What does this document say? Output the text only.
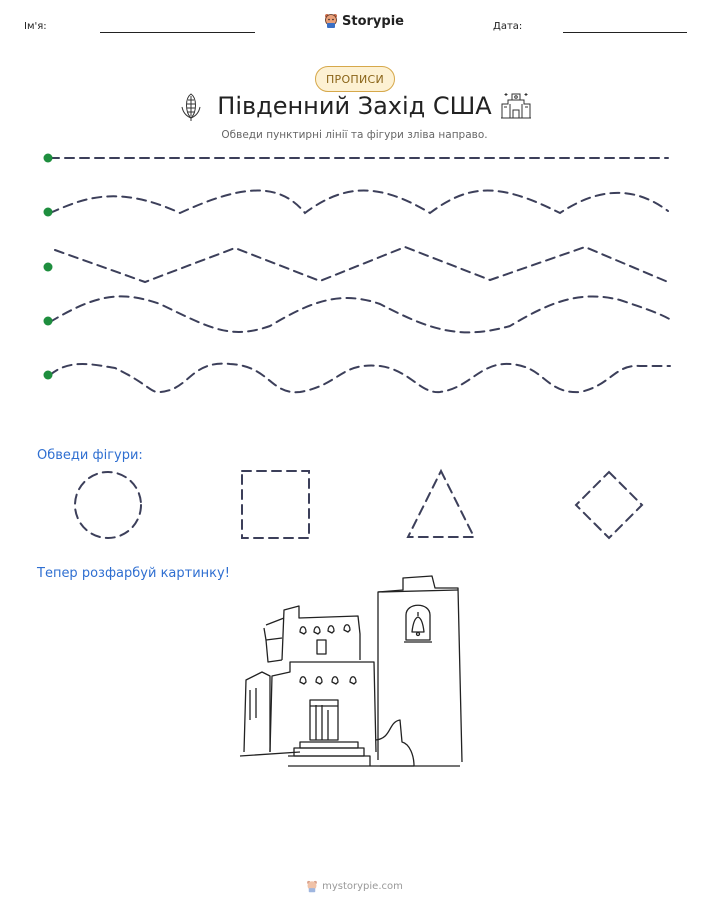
Ім'я:	Storypie	Дата:
ПРОПИСИ
Південний Захід США
Обведи пунктирні лінії та фігури зліва направо.
Обведи фігури:
Тепер розфарбуй картинку!
mystorypie.com
